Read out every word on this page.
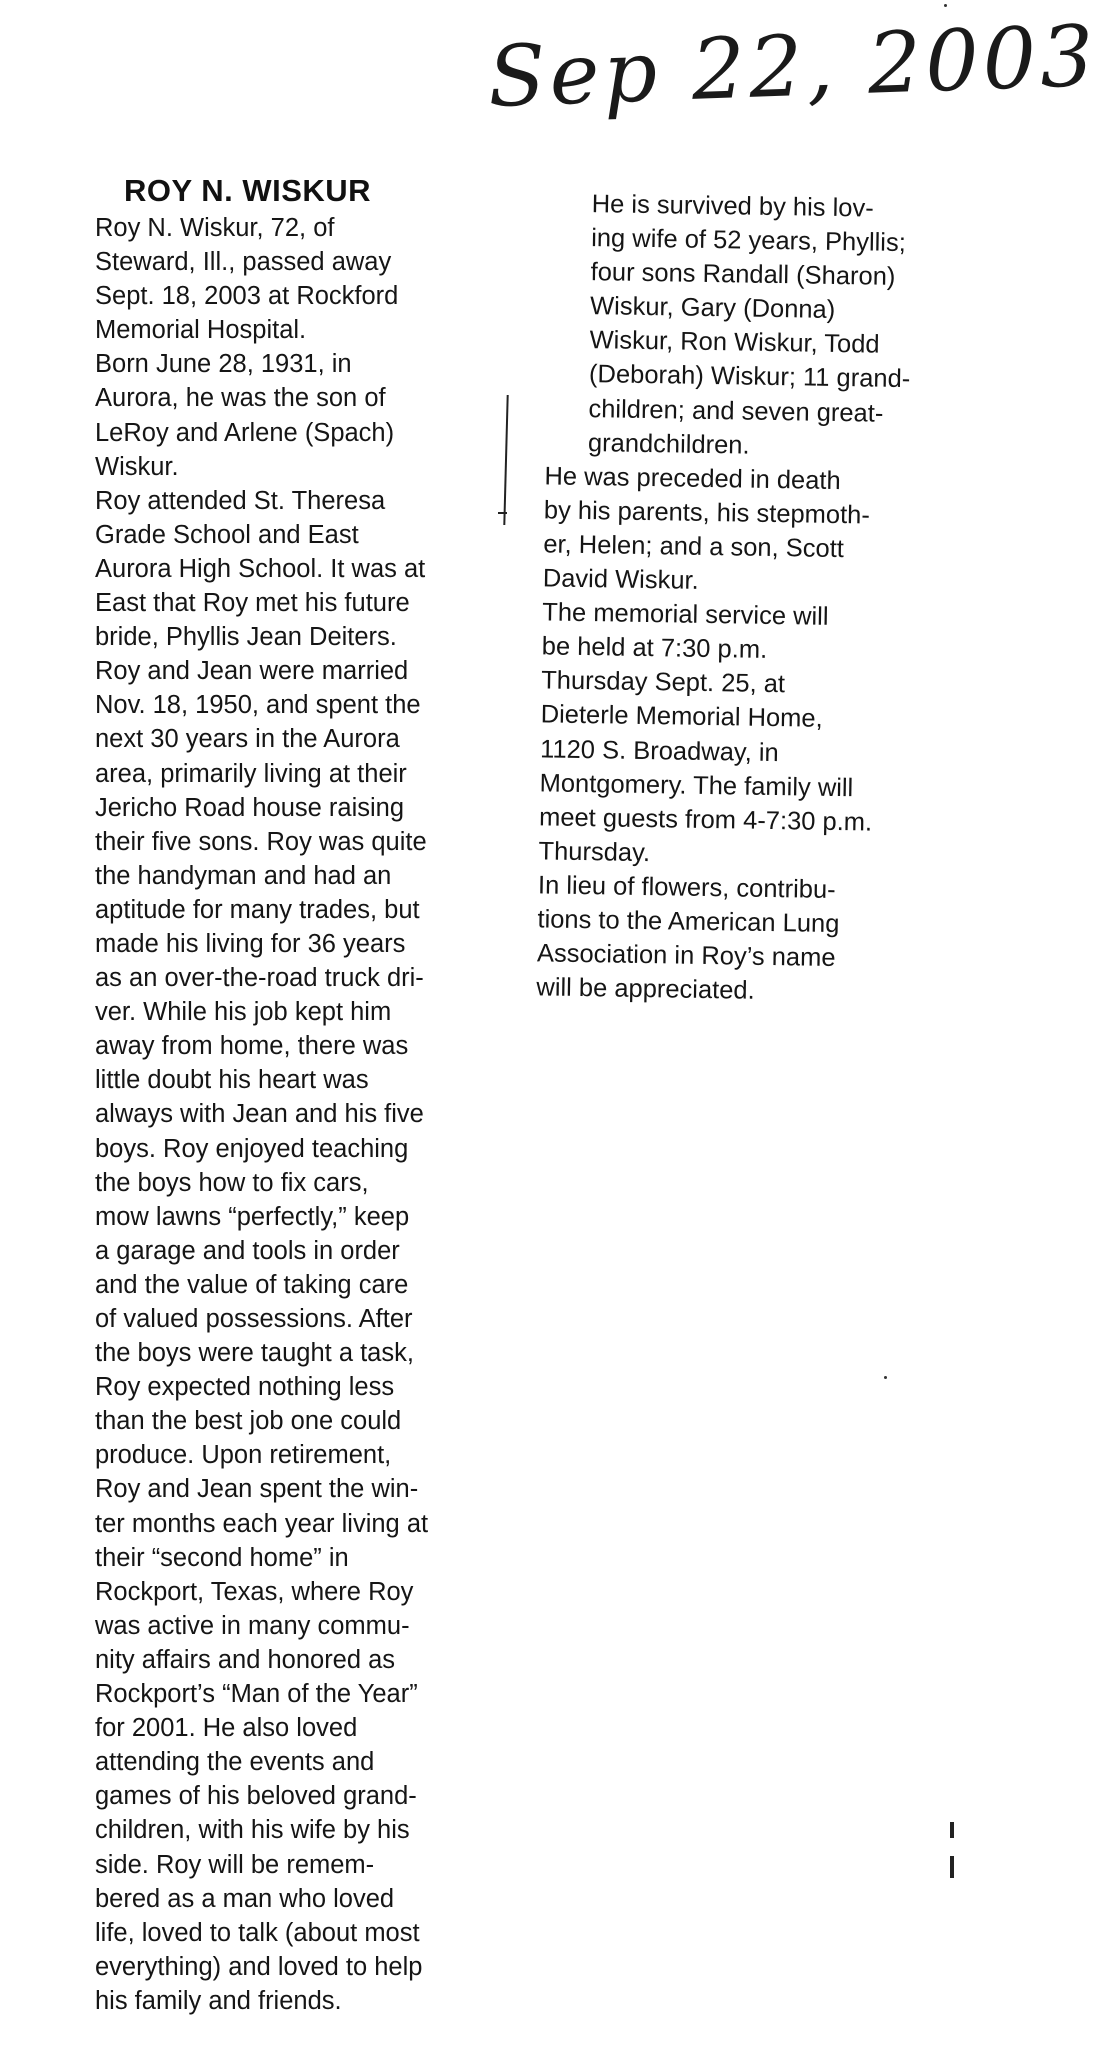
Sep 22, 2003
ROY N. WISKUR

Roy N. Wiskur, 72, of
Steward, Ill., passed away
Sept. 18, 2003 at Rockford
Memorial Hospital.

Born June 28, 1931, in
Aurora, he was the son of
LeRoy and Arlene (Spach)
Wiskur.

Roy attended St. Theresa
Grade School and East
Aurora High School. It was at
East that Roy met his future
bride, Phyllis Jean Deiters.
Roy and Jean were married
Nov. 18, 1950, and spent the
next 30 years in the Aurora
area, primarily living at their
Jericho Road house raising
their five sons. Roy was quite
the handyman and had an
aptitude for many trades, but
made his living for 36 years
as an over-the-road truck dri-
ver. While his job kept him
away from home, there was
little doubt his heart was
always with Jean and his five
boys. Roy enjoyed teaching
the boys how to fix cars,
mow lawns “perfectly,” keep
a garage and tools in order
and the value of taking care
of valued possessions. After
the boys were taught a task,
Roy expected nothing less
than the best job one could
produce. Upon retirement,
Roy and Jean spent the win-
ter months each year living at
their “second home” in
Rockport, Texas, where Roy
was active in many commu-
nity affairs and honored as
Rockport’s “Man of the Year”
for 2001. He also loved
attending the events and
games of his beloved grand-
children, with his wife by his
side. Roy will be remem-
bered as a man who loved
life, loved to talk (about most
everything) and loved to help
his family and friends.

He is survived by his lov-
ing wife of 52 years, Phyllis;
four sons Randall (Sharon)
Wiskur, Gary (Donna)
Wiskur, Ron Wiskur, Todd
(Deborah) Wiskur; 11 grand-
children; and seven great-
grandchildren.

He was preceded in death
by his parents, his stepmoth-
er, Helen; and a son, Scott
David Wiskur.

The memorial service will
be held at 7:30 p.m.
Thursday Sept. 25, at
Dieterle Memorial Home,
1120 S. Broadway, in
Montgomery. The family will
meet guests from 4-7:30 p.m.
Thursday.

In lieu of flowers, contribu-
tions to the American Lung
Association in Roy’s name
will be appreciated.
